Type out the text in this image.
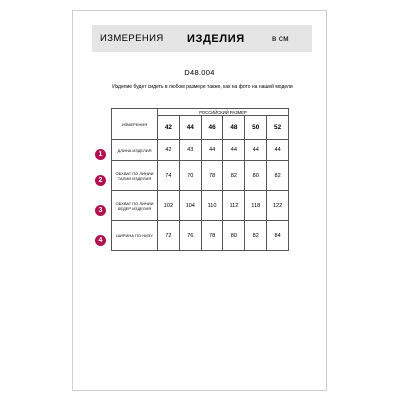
ИЗМЕРЕНИЯ ИЗДЕЛИЯ	в см
D48.004
Изделие будет сидеть в любом размере также, как на фото на нашей модели
ИЗМЕРЕНИЯ	РОССИЙСКИЙ РАЗМЕР					
	42	44	46	48	50	52
ДЛИНА ИЗДЕЛИЯ	42	43	44	44	44	44
ОБХВАТ ПО ЛИНИИ ТАЛИИ ИЗДЕЛИЯ	74	70	78	82	80	82
ОБХВАТ ПО ЛИНИИ БЕДЕР ИЗДЕЛИЯ	102	104	110	112	118	122
ШИРИНА ПО НИЗУ	72	76	78	80	82	84
1
2
3
4
